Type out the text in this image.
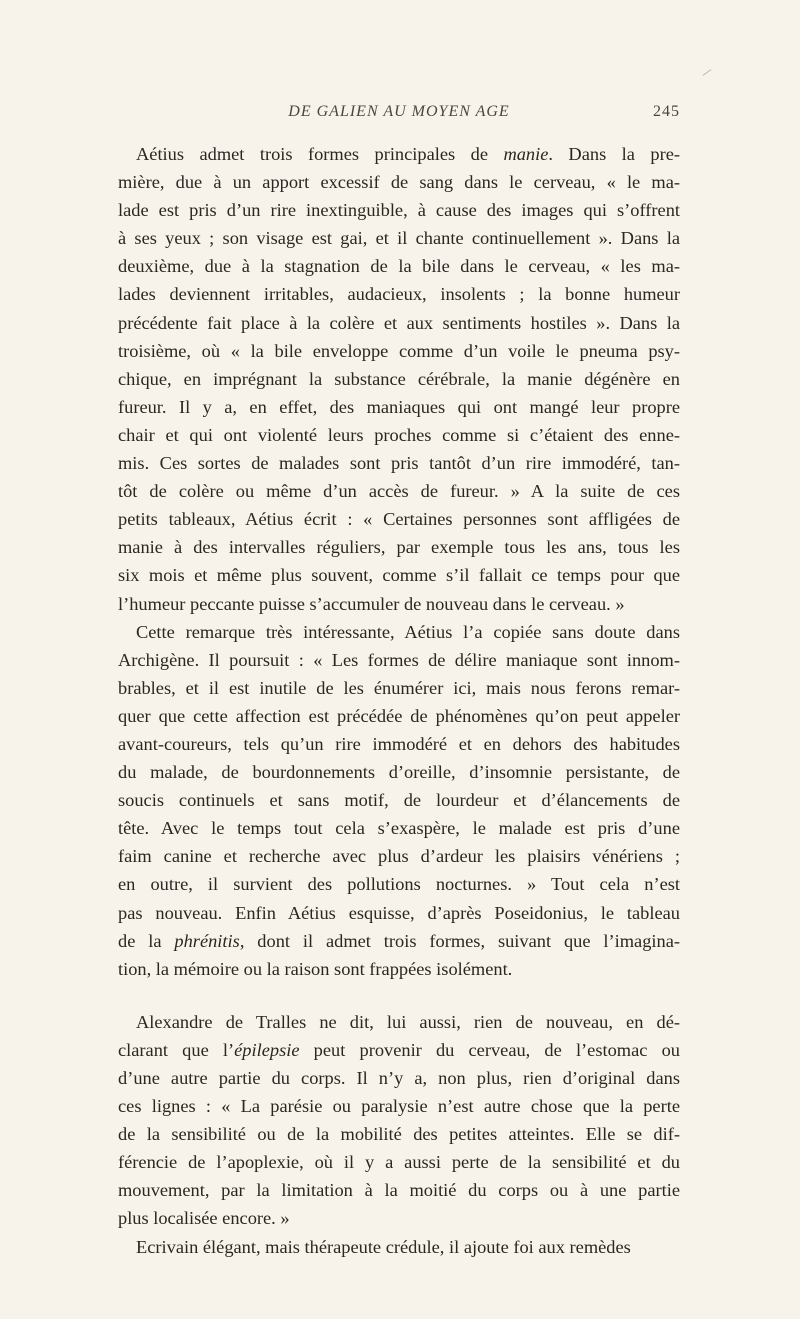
DE GALIEN AU MOYEN AGE	245

Aétius admet trois formes principales de manie. Dans la pre-
mière, due à un apport excessif de sang dans le cerveau, « le ma-
lade est pris d’un rire inextinguible, à cause des images qui s’offrent
à ses yeux ; son visage est gai, et il chante continuellement ». Dans la
deuxième, due à la stagnation de la bile dans le cerveau, « les ma-
lades deviennent irritables, audacieux, insolents ; la bonne humeur
précédente fait place à la colère et aux sentiments hostiles ». Dans la
troisième, où « la bile enveloppe comme d’un voile le pneuma psy-
chique, en imprégnant la substance cérébrale, la manie dégénère en
fureur. Il y a, en effet, des maniaques qui ont mangé leur propre
chair et qui ont violenté leurs proches comme si c’étaient des enne-
mis. Ces sortes de malades sont pris tantôt d’un rire immodéré, tan-
tôt de colère ou même d’un accès de fureur. » A la suite de ces
petits tableaux, Aétius écrit : « Certaines personnes sont affligées de
manie à des intervalles réguliers, par exemple tous les ans, tous les
six mois et même plus souvent, comme s’il fallait ce temps pour que
l’humeur peccante puisse s’accumuler de nouveau dans le cerveau. »

Cette remarque très intéressante, Aétius l’a copiée sans doute dans
Archigène. Il poursuit : « Les formes de délire maniaque sont innom-
brables, et il est inutile de les énumérer ici, mais nous ferons remar-
quer que cette affection est précédée de phénomènes qu’on peut appeler
avant-coureurs, tels qu’un rire immodéré et en dehors des habitudes
du malade, de bourdonnements d’oreille, d’insomnie persistante, de
soucis continuels et sans motif, de lourdeur et d’élancements de
tête. Avec le temps tout cela s’exaspère, le malade est pris d’une
faim canine et recherche avec plus d’ardeur les plaisirs vénériens ;
en outre, il survient des pollutions nocturnes. » Tout cela n’est
pas nouveau. Enfin Aétius esquisse, d’après Poseidonius, le tableau
de la phrénitis, dont il admet trois formes, suivant que l’imagina-
tion, la mémoire ou la raison sont frappées isolément.

Alexandre de Tralles ne dit, lui aussi, rien de nouveau, en dé-
clarant que l’épilepsie peut provenir du cerveau, de l’estomac ou
d’une autre partie du corps. Il n’y a, non plus, rien d’original dans
ces lignes : « La parésie ou paralysie n’est autre chose que la perte
de la sensibilité ou de la mobilité des petites atteintes. Elle se dif-
férencie de l’apoplexie, où il y a aussi perte de la sensibilité et du
mouvement, par la limitation à la moitié du corps ou à une partie
plus localisée encore. »

Ecrivain élégant, mais thérapeute crédule, il ajoute foi aux remèdes
